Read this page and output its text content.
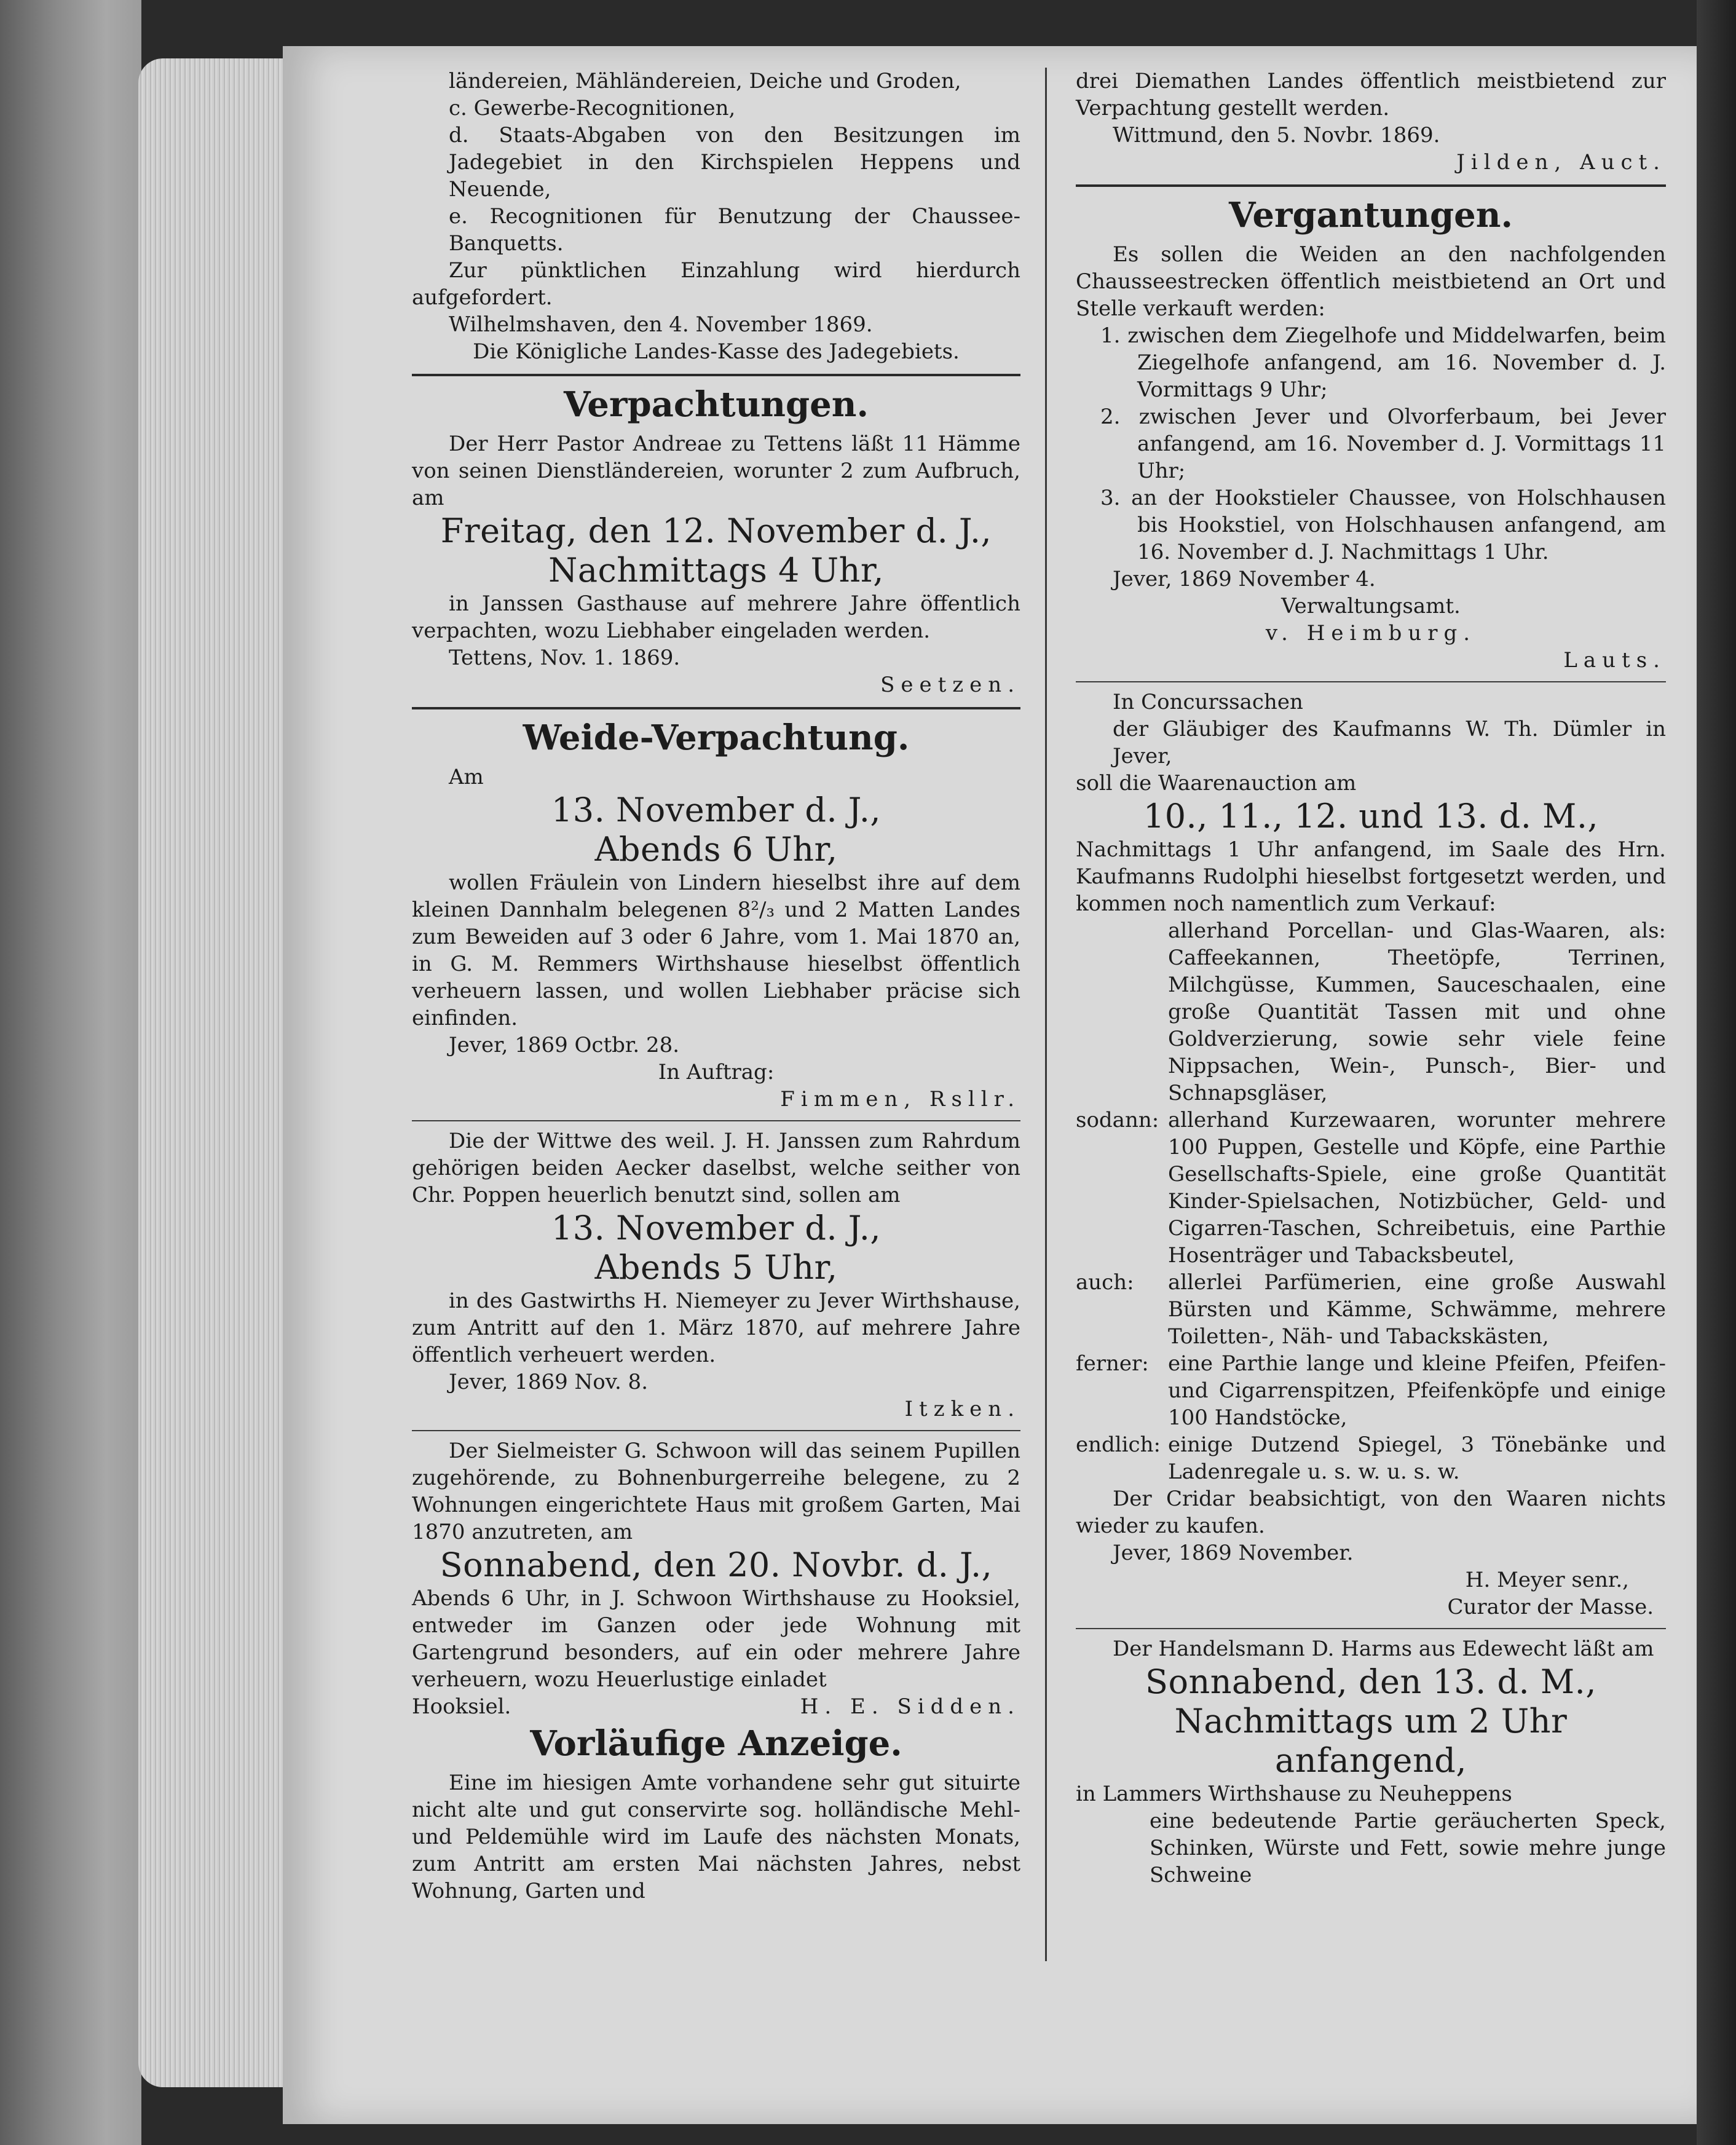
ländereien, Mähländereien, Deiche und Groden,

c. Gewerbe-Recognitionen,

d. Staats-Abgaben von den Besitzungen im Jadegebiet in den Kirchspielen Heppens und Neuende,

e. Recognitionen für Benutzung der Chaussee-Banquetts.

Zur pünktlichen Einzahlung wird hierdurch aufgefordert.

Wilhelmshaven, den 4. November 1869.

Die Königliche Landes-Kasse des Jadegebiets.

Verpachtungen.

Der Herr Pastor Andreae zu Tettens läßt 11 Hämme von seinen Dienstländereien, worunter 2 zum Aufbruch, am

Freitag, den 12. November d. J.,

Nachmittags 4 Uhr,

in Janssen Gasthause auf mehrere Jahre öffentlich verpachten, wozu Liebhaber eingeladen werden.

Tettens, Nov. 1. 1869.

Seetzen.

Weide-Verpachtung.

Am

13. November d. J.,

Abends 6 Uhr,

wollen Fräulein von Lindern hieselbst ihre auf dem kleinen Dannhalm belegenen 8²/₃ und 2 Matten Landes zum Beweiden auf 3 oder 6 Jahre, vom 1. Mai 1870 an, in G. M. Remmers Wirthshause hieselbst öffentlich verheuern lassen, und wollen Liebhaber präcise sich einfinden.

Jever, 1869 Octbr. 28.

In Auftrag:

Fimmen, Rsllr.

Die der Wittwe des weil. J. H. Janssen zum Rahrdum gehörigen beiden Aecker daselbst, welche seither von Chr. Poppen heuerlich benutzt sind, sollen am

13. November d. J.,

Abends 5 Uhr,

in des Gastwirths H. Niemeyer zu Jever Wirthshause, zum Antritt auf den 1. März 1870, auf mehrere Jahre öffentlich verheuert werden.

Jever, 1869 Nov. 8.

Itzken.

Der Sielmeister G. Schwoon will das seinem Pupillen zugehörende, zu Bohnenburgerreihe belegene, zu 2 Wohnungen eingerichtete Haus mit großem Garten, Mai 1870 anzutreten, am

Sonnabend, den 20. Novbr. d. J.,

Abends 6 Uhr, in J. Schwoon Wirthshause zu Hooksiel, entweder im Ganzen oder jede Wohnung mit Gartengrund besonders, auf ein oder mehrere Jahre verheuern, wozu Heuerlustige einladet

Hooksiel.	H. E. Sidden.

Vorläufige Anzeige.

Eine im hiesigen Amte vorhandene sehr gut situirte nicht alte und gut conservirte sog. holländische Mehl- und Peldemühle wird im Laufe des nächsten Monats, zum Antritt am ersten Mai nächsten Jahres, nebst Wohnung, Garten und

drei Diemathen Landes öffentlich meistbietend zur Verpachtung gestellt werden.

Wittmund, den 5. Novbr. 1869.

Jilden, Auct.

Vergantungen.

Es sollen die Weiden an den nachfolgenden Chausseestrecken öffentlich meistbietend an Ort und Stelle verkauft werden:

1. zwischen dem Ziegelhofe und Middelwarfen, beim Ziegelhofe anfangend, am 16. November d. J. Vormittags 9 Uhr;

2. zwischen Jever und Olvorferbaum, bei Jever anfangend, am 16. November d. J. Vormittags 11 Uhr;

3. an der Hookstieler Chaussee, von Holschhausen bis Hookstiel, von Holschhausen anfangend, am 16. November d. J. Nachmittags 1 Uhr.

Jever, 1869 November 4.

Verwaltungsamt.

v. Heimburg.

Lauts.

In Concurssachen

der Gläubiger des Kaufmanns W. Th. Dümler in Jever,

soll die Waarenauction am

10., 11., 12. und 13. d. M.,

Nachmittags 1 Uhr anfangend, im Saale des Hrn. Kaufmanns Rudolphi hieselbst fortgesetzt werden, und kommen noch namentlich zum Verkauf:

allerhand Porcellan- und Glas-Waaren, als: Caffeekannen, Theetöpfe, Terrinen, Milchgüsse, Kummen, Sauceschaalen, eine große Quantität Tassen mit und ohne Goldverzierung, sowie sehr viele feine Nippsachen, Wein-, Punsch-, Bier- und Schnapsgläser,
sodann: allerhand Kurzewaaren, worunter mehrere 100 Puppen, Gestelle und Köpfe, eine Parthie Gesellschafts-Spiele, eine große Quantität Kinder-Spielsachen, Notizbücher, Geld- und Cigarren-Taschen, Schreibetuis, eine Parthie Hosenträger und Tabacksbeutel,
auch:	allerlei Parfümerien, eine große Auswahl Bürsten und Kämme, Schwämme, mehrere Toiletten-, Näh- und Tabackskästen,
ferner: eine Parthie lange und kleine Pfeifen, Pfeifen- und Cigarrenspitzen, Pfeifenköpfe und einige 100 Handstöcke,
endlich: einige Dutzend Spiegel, 3 Tönebänke und Ladenregale u. s. w. u. s. w.

Der Cridar beabsichtigt, von den Waaren nichts wieder zu kaufen.

Jever, 1869 November.

H. Meyer senr.,

Curator der Masse.

Der Handelsmann D. Harms aus Edewecht läßt am

Sonnabend, den 13. d. M.,

Nachmittags um 2 Uhr anfangend,

in Lammers Wirthshause zu Neuheppens

eine bedeutende Partie geräucherten Speck, Schinken, Würste und Fett, sowie mehre junge Schweine
